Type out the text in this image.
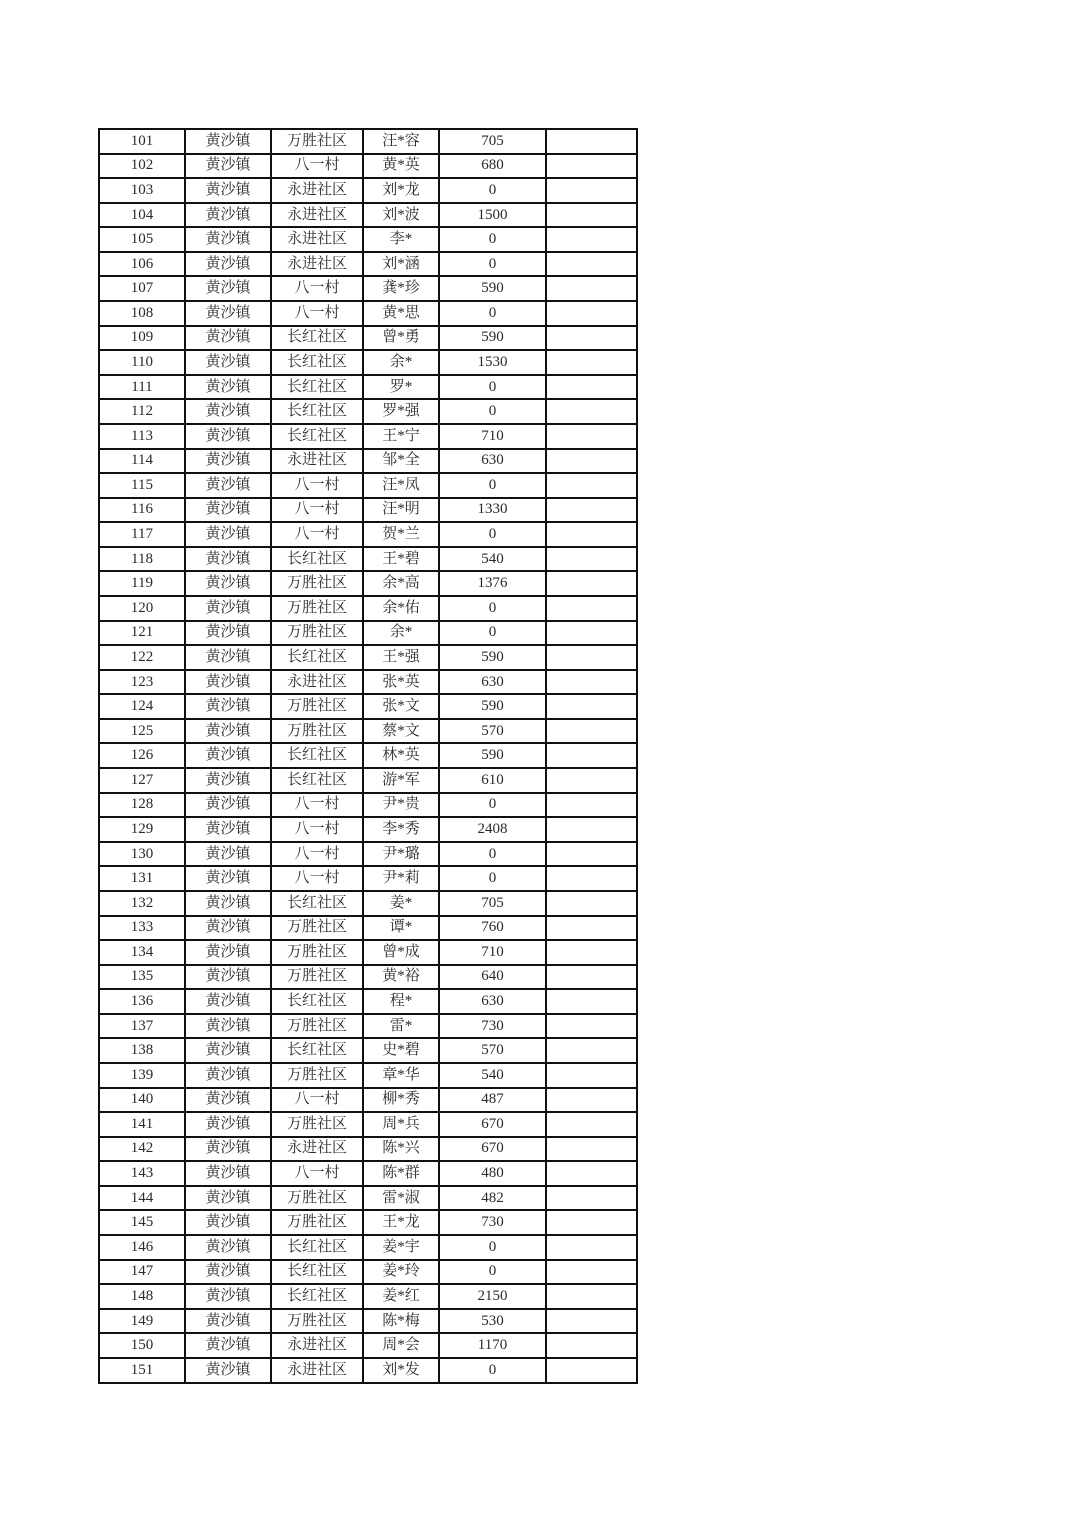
101	黄沙镇	万胜社区	汪*容	705	
102	黄沙镇	八一村	黄*英	680	
103	黄沙镇	永进社区	刘*龙	0	
104	黄沙镇	永进社区	刘*波	1500	
105	黄沙镇	永进社区	李*	0	
106	黄沙镇	永进社区	刘*涵	0	
107	黄沙镇	八一村	龚*珍	590	
108	黄沙镇	八一村	黄*思	0	
109	黄沙镇	长红社区	曾*勇	590	
110	黄沙镇	长红社区	余*	1530	
111	黄沙镇	长红社区	罗*	0	
112	黄沙镇	长红社区	罗*强	0	
113	黄沙镇	长红社区	王*宁	710	
114	黄沙镇	永进社区	邹*全	630	
115	黄沙镇	八一村	汪*凤	0	
116	黄沙镇	八一村	汪*明	1330	
117	黄沙镇	八一村	贺*兰	0	
118	黄沙镇	长红社区	王*碧	540	
119	黄沙镇	万胜社区	余*高	1376	
120	黄沙镇	万胜社区	余*佑	0	
121	黄沙镇	万胜社区	余*	0	
122	黄沙镇	长红社区	王*强	590	
123	黄沙镇	永进社区	张*英	630	
124	黄沙镇	万胜社区	张*文	590	
125	黄沙镇	万胜社区	蔡*文	570	
126	黄沙镇	长红社区	林*英	590	
127	黄沙镇	长红社区	游*军	610	
128	黄沙镇	八一村	尹*贵	0	
129	黄沙镇	八一村	李*秀	2408	
130	黄沙镇	八一村	尹*璐	0	
131	黄沙镇	八一村	尹*莉	0	
132	黄沙镇	长红社区	姜*	705	
133	黄沙镇	万胜社区	谭*	760	
134	黄沙镇	万胜社区	曾*成	710	
135	黄沙镇	万胜社区	黄*裕	640	
136	黄沙镇	长红社区	程*	630	
137	黄沙镇	万胜社区	雷*	730	
138	黄沙镇	长红社区	史*碧	570	
139	黄沙镇	万胜社区	章*华	540	
140	黄沙镇	八一村	柳*秀	487	
141	黄沙镇	万胜社区	周*兵	670	
142	黄沙镇	永进社区	陈*兴	670	
143	黄沙镇	八一村	陈*群	480	
144	黄沙镇	万胜社区	雷*淑	482	
145	黄沙镇	万胜社区	王*龙	730	
146	黄沙镇	长红社区	姜*宇	0	
147	黄沙镇	长红社区	姜*玲	0	
148	黄沙镇	长红社区	姜*红	2150	
149	黄沙镇	万胜社区	陈*梅	530	
150	黄沙镇	永进社区	周*会	1170	
151	黄沙镇	永进社区	刘*发	0	
